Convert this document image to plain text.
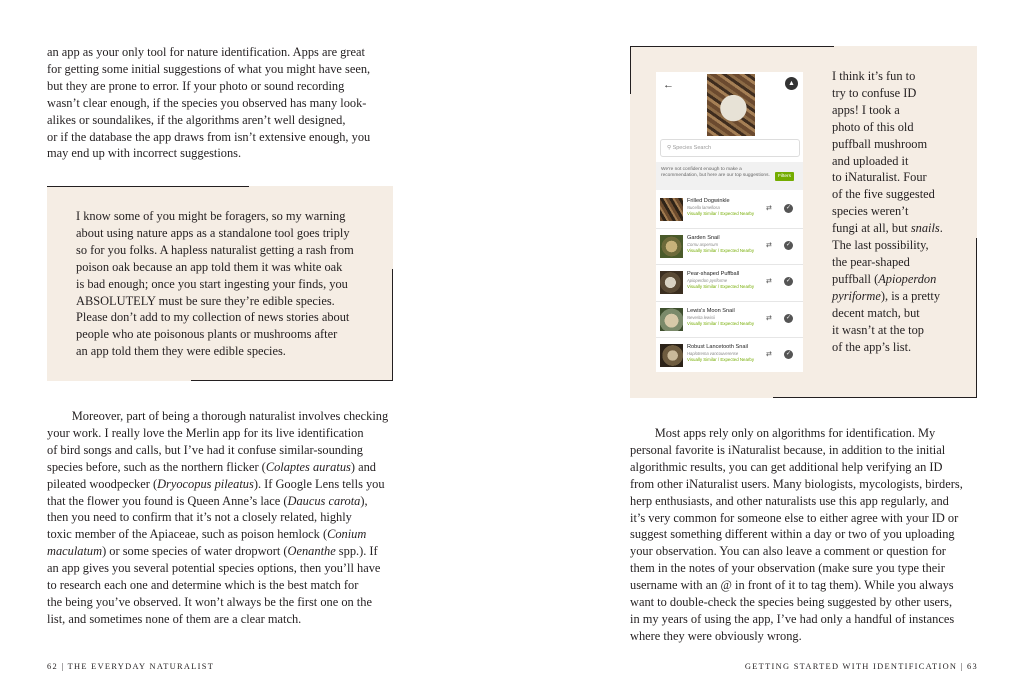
an app as your only tool for nature identification. Apps are great
for getting some initial suggestions of what you might have seen,
but they are prone to error. If your photo or sound recording
wasn’t clear enough, if the species you observed has many look-
alikes or soundalikes, if the algorithms aren’t well designed,
or if the database the app draws from isn’t extensive enough, you
may end up with incorrect suggestions.
I know some of you might be foragers, so my warning
about using nature apps as a standalone tool goes triply
so for you folks. A hapless naturalist getting a rash from
poison oak because an app told them it was white oak
is bad enough; once you start ingesting your finds, you
ABSOLUTELY must be sure they’re edible species.
Please don’t add to my collection of news stories about
people who ate poisonous plants or mushrooms after
an app told them they were edible species.
Moreover, part of being a thorough naturalist involves checking
your work. I really love the Merlin app for its live identification
of bird songs and calls, but I’ve had it confuse similar-sounding
species before, such as the northern flicker (Colaptes auratus) and
pileated woodpecker (Dryocopus pileatus). If Google Lens tells you
that the flower you found is Queen Anne’s lace (Daucus carota),
then you need to confirm that it’s not a closely related, highly
toxic member of the Apiaceae, such as poison hemlock (Conium
maculatum) or some species of water dropwort (Oenanthe spp.). If
an app gives you several potential species options, then you’ll have
to research each one and determine which is the best match for
the being you’ve observed. It won’t always be the first one on the
list, and sometimes none of them are a clear match.
62 | THE EVERYDAY NATURALIST
I think it’s fun to
try to confuse ID
apps! I took a
photo of this old
puffball mushroom
and uploaded it
to iNaturalist. Four
of the five suggested
species weren’t
fungi at all, but snails.
The last possibility,
the pear-shaped
puffball (Apioperdon
pyriforme), is a pretty
decent match, but
it wasn’t at the top
of the app’s list.
←	▲
⚲ Species Search
We're not confident enough to make a recommendation, but here are our top suggestions.	Filters
Frilled Dogwinkle
Nucella lamellosa
Visually Similar / Expected Nearby
⇄	✓
Garden Snail
Cornu aspersum
Visually Similar / Expected Nearby
⇄	✓
Pear-shaped Puffball
Apioperdon pyriforme
Visually Similar / Expected Nearby
⇄	✓
Lewis's Moon Snail
Neverita lewisii
Visually Similar / Expected Nearby
⇄	✓
Robust Lancetooth Snail
Haplotrema vancouverense
Visually Similar / Expected Nearby
⇄	✓
Most apps rely only on algorithms for identification. My
personal favorite is iNaturalist because, in addition to the initial
algorithmic results, you can get additional help verifying an ID
from other iNaturalist users. Many biologists, mycologists, birders,
herp enthusiasts, and other naturalists use this app regularly, and
it’s very common for someone else to either agree with your ID or
suggest something different within a day or two of you uploading
your observation. You can also leave a comment or question for
them in the notes of your observation (make sure you type their
username with an @ in front of it to tag them). While you always
want to double-check the species being suggested by other users,
in my years of using the app, I’ve had only a handful of instances
where they were obviously wrong.
GETTING STARTED WITH IDENTIFICATION | 63
